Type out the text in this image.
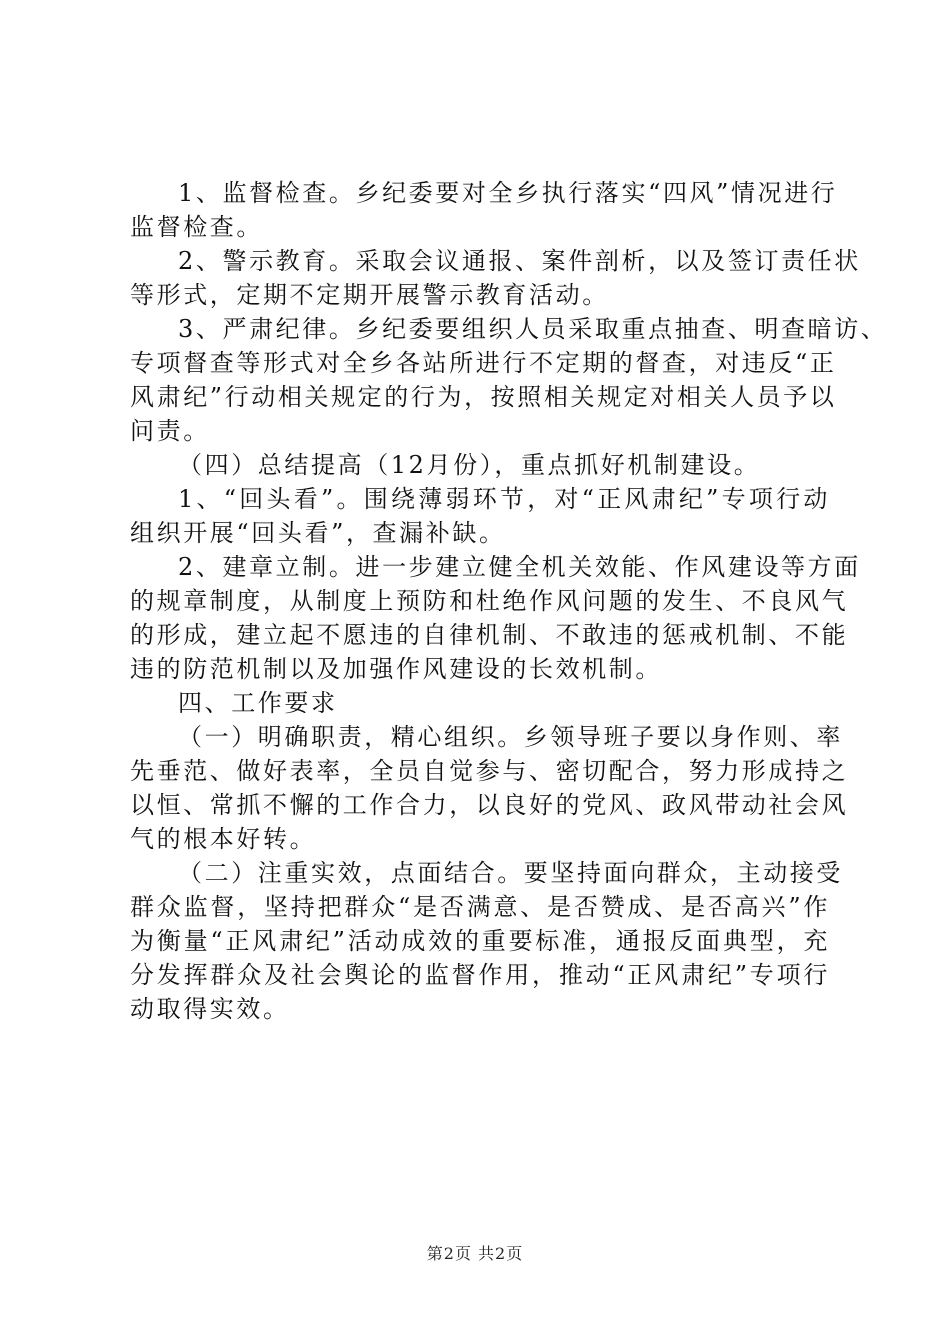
1、监督检查。乡纪委要对全乡执行落实“四风”情况进行
监督检查。
2、警示教育。采取会议通报、案件剖析，以及签订责任状
等形式，定期不定期开展警示教育活动。
3、严肃纪律。乡纪委要组织人员采取重点抽查、明查暗访、
专项督查等形式对全乡各站所进行不定期的督查，对违反“正
风肃纪”行动相关规定的行为，按照相关规定对相关人员予以
问责。
（四）总结提高（12月份），重点抓好机制建设。
1、“回头看”。围绕薄弱环节，对“正风肃纪”专项行动
组织开展“回头看”，查漏补缺。
2、建章立制。进一步建立健全机关效能、作风建设等方面
的规章制度，从制度上预防和杜绝作风问题的发生、不良风气
的形成，建立起不愿违的自律机制、不敢违的惩戒机制、不能
违的防范机制以及加强作风建设的长效机制。
四、工作要求
（一）明确职责，精心组织。乡领导班子要以身作则、率
先垂范、做好表率，全员自觉参与、密切配合，努力形成持之
以恒、常抓不懈的工作合力，以良好的党风、政风带动社会风
气的根本好转。
（二）注重实效，点面结合。要坚持面向群众，主动接受
群众监督，坚持把群众“是否满意、是否赞成、是否高兴”作
为衡量“正风肃纪”活动成效的重要标准，通报反面典型，充
分发挥群众及社会舆论的监督作用，推动“正风肃纪”专项行
动取得实效。
第2页 共2页
